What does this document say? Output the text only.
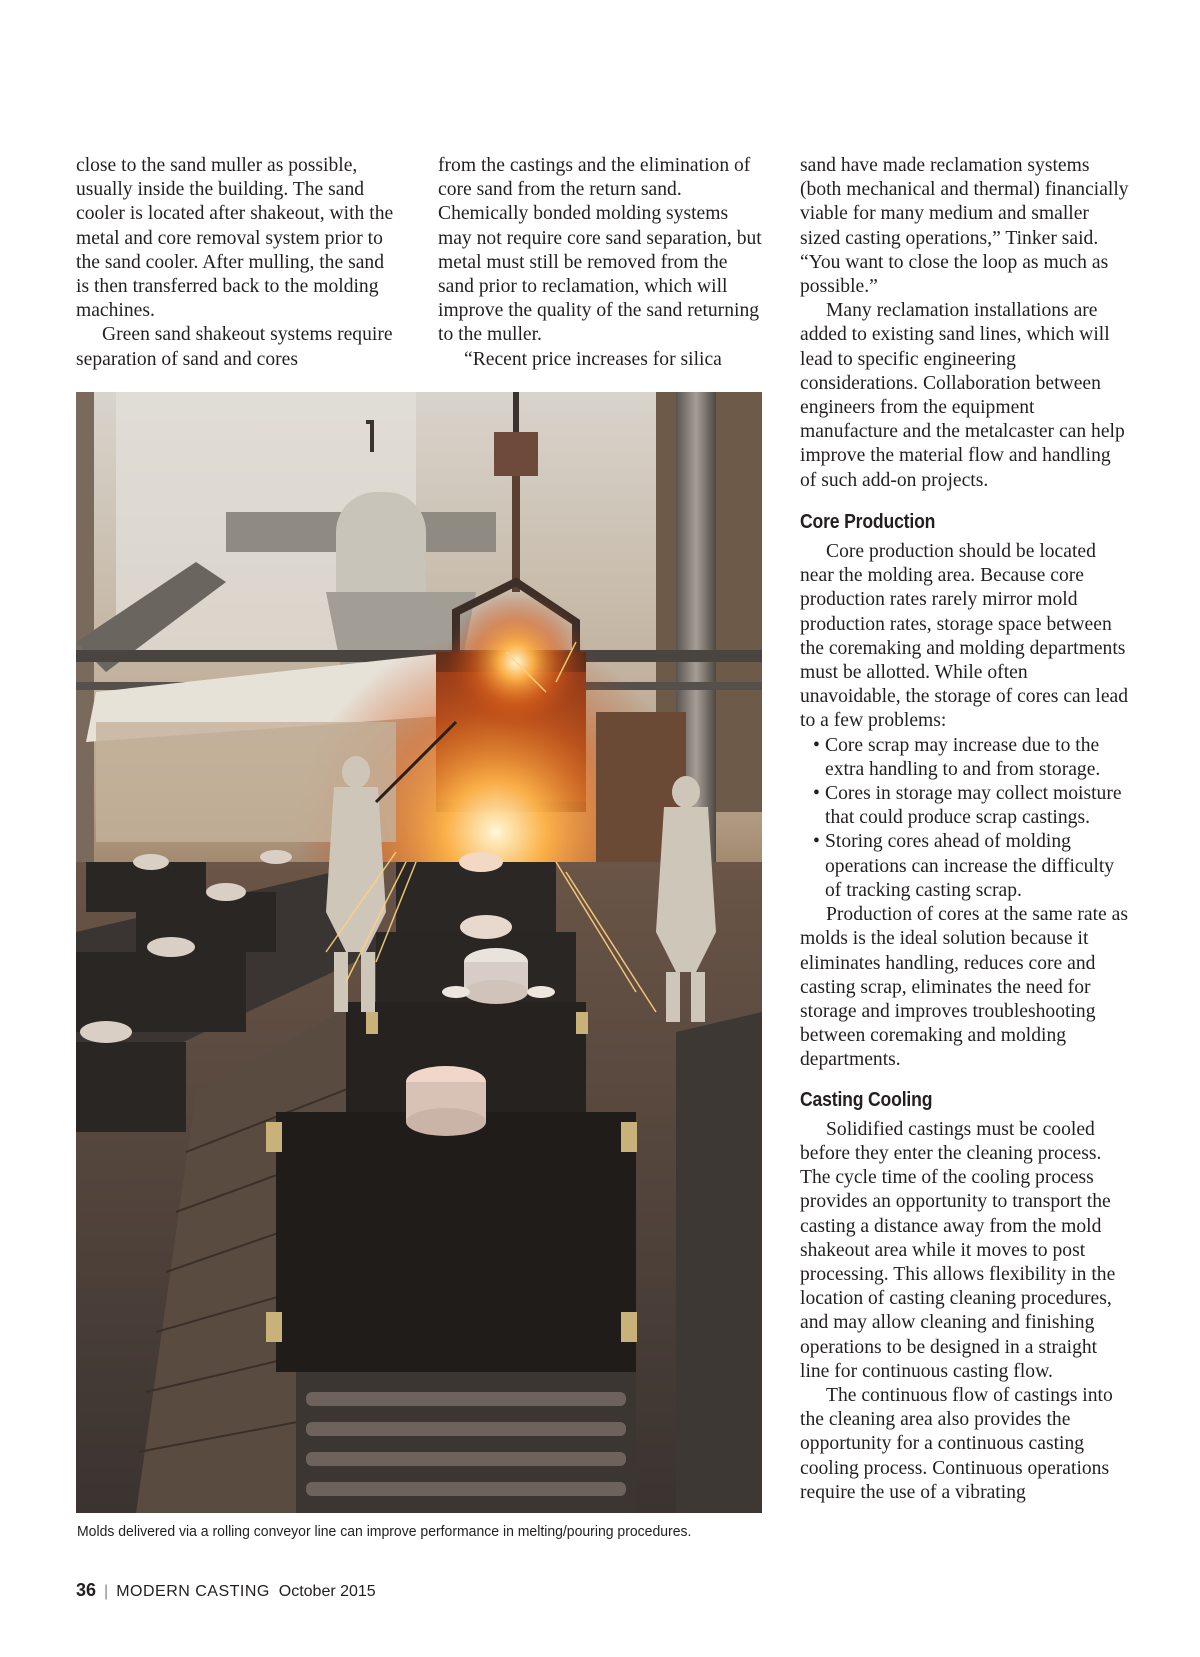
close to the sand muller as possible, usually inside the building. The sand cooler is located after shakeout, with the metal and core removal system prior to the sand cooler. After mulling, the sand is then transferred back to the molding machines.

Green sand shakeout systems require separation of sand and cores

from the castings and the elimination of core sand from the return sand. Chemically bonded molding systems may not require core sand separation, but metal must still be removed from the sand prior to reclamation, which will improve the quality of the sand returning to the muller.

“Recent price increases for silica

sand have made reclamation systems (both mechanical and thermal) financially viable for many medium and smaller sized casting operations,” Tinker said. “You want to close the loop as much as possible.”

Many reclamation installations are added to existing sand lines, which will lead to specific engineering considerations. Collaboration between engineers from the equipment manufacture and the metalcaster can help improve the material flow and handling of such add-on projects.

Core Production

Core production should be located near the molding area. Because core production rates rarely mirror mold production rates, storage space between the coremaking and molding departments must be allotted. While often unavoidable, the storage of cores can lead to a few problems:

• Core scrap may increase due to the extra handling to and from storage.
• Cores in storage may collect moisture that could produce scrap castings.
• Storing cores ahead of molding operations can increase the difficulty of tracking casting scrap.

Production of cores at the same rate as molds is the ideal solution because it eliminates handling, reduces core and casting scrap, eliminates the need for storage and improves troubleshooting between coremaking and molding departments.

Casting Cooling

Solidified castings must be cooled before they enter the cleaning process. The cycle time of the cooling process provides an opportunity to transport the casting a distance away from the mold shakeout area while it moves to post processing. This allows flexibility in the location of casting cleaning procedures, and may allow cleaning and finishing operations to be designed in a straight line for continuous casting flow.

The continuous flow of castings into the cleaning area also provides the opportunity for a continuous casting cooling process. Continuous operations require the use of a vibrating

Molds delivered via a rolling conveyor line can improve performance in melting/pouring procedures.
36 | MODERN CASTING October 2015
